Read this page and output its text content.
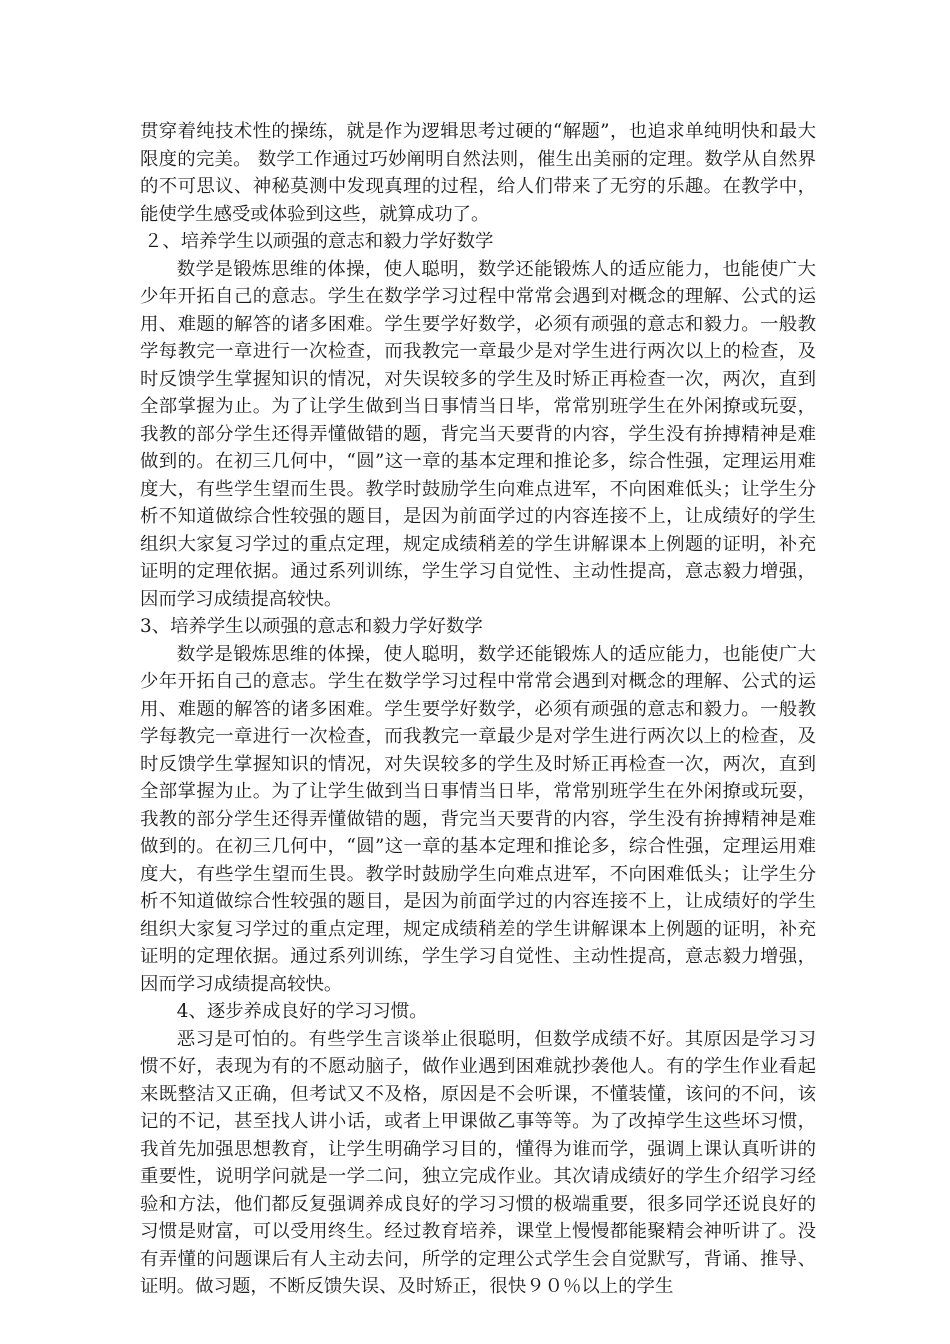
贯穿着纯技术性的操练，就是作为逻辑思考过硬的“解题”，也追求单纯明快和最大限度的完美。 数学工作通过巧妙阐明自然法则，催生出美丽的定理。数学从自然界的不可思议、神秘莫测中发现真理的过程，给人们带来了无穷的乐趣。在教学中，能使学生感受或体验到这些，就算成功了。

２、培养学生以顽强的意志和毅力学好数学

数学是锻炼思维的体操，使人聪明，数学还能锻炼人的适应能力，也能使广大少年开拓自己的意志。学生在数学学习过程中常常会遇到对概念的理解、公式的运用、难题的解答的诸多困难。学生要学好数学，必须有顽强的意志和毅力。一般教学每教完一章进行一次检查，而我教完一章最少是对学生进行两次以上的检查，及时反馈学生掌握知识的情况，对失误较多的学生及时矫正再检查一次，两次，直到全部掌握为止。为了让学生做到当日事情当日毕，常常别班学生在外闲撩或玩耍，我教的部分学生还得弄懂做错的题，背完当天要背的内容，学生没有拚搏精神是难做到的。在初三几何中，“圆”这一章的基本定理和推论多，综合性强，定理运用难度大，有些学生望而生畏。教学时鼓励学生向难点进军，不向困难低头；让学生分析不知道做综合性较强的题目，是因为前面学过的内容连接不上，让成绩好的学生组织大家复习学过的重点定理，规定成绩稍差的学生讲解课本上例题的证明，补充证明的定理依据。通过系列训练，学生学习自觉性、主动性提高，意志毅力增强，因而学习成绩提高较快。

3、培养学生以顽强的意志和毅力学好数学

数学是锻炼思维的体操，使人聪明，数学还能锻炼人的适应能力，也能使广大少年开拓自己的意志。学生在数学学习过程中常常会遇到对概念的理解、公式的运用、难题的解答的诸多困难。学生要学好数学，必须有顽强的意志和毅力。一般教学每教完一章进行一次检查，而我教完一章最少是对学生进行两次以上的检查，及时反馈学生掌握知识的情况，对失误较多的学生及时矫正再检查一次，两次，直到全部掌握为止。为了让学生做到当日事情当日毕，常常别班学生在外闲撩或玩耍，我教的部分学生还得弄懂做错的题，背完当天要背的内容，学生没有拚搏精神是难做到的。在初三几何中，“圆”这一章的基本定理和推论多，综合性强，定理运用难度大，有些学生望而生畏。教学时鼓励学生向难点进军，不向困难低头；让学生分析不知道做综合性较强的题目，是因为前面学过的内容连接不上，让成绩好的学生组织大家复习学过的重点定理，规定成绩稍差的学生讲解课本上例题的证明，补充证明的定理依据。通过系列训练，学生学习自觉性、主动性提高，意志毅力增强，因而学习成绩提高较快。

4、逐步养成良好的学习习惯。

恶习是可怕的。有些学生言谈举止很聪明，但数学成绩不好。其原因是学习习惯不好，表现为有的不愿动脑子，做作业遇到困难就抄袭他人。有的学生作业看起来既整洁又正确，但考试又不及格，原因是不会听课，不懂装懂，该问的不问，该记的不记，甚至找人讲小话，或者上甲课做乙事等等。为了改掉学生这些坏习惯，我首先加强思想教育，让学生明确学习目的，懂得为谁而学，强调上课认真听讲的重要性，说明学问就是一学二问，独立完成作业。其次请成绩好的学生介绍学习经验和方法，他们都反复强调养成良好的学习习惯的极端重要，很多同学还说良好的习惯是财富，可以受用终生。经过教育培养，课堂上慢慢都能聚精会神听讲了。没有弄懂的问题课后有人主动去问，所学的定理公式学生会自觉默写，背诵、推导、证明。做习题，不断反馈失误、及时矫正，很快９０％以上的学生
